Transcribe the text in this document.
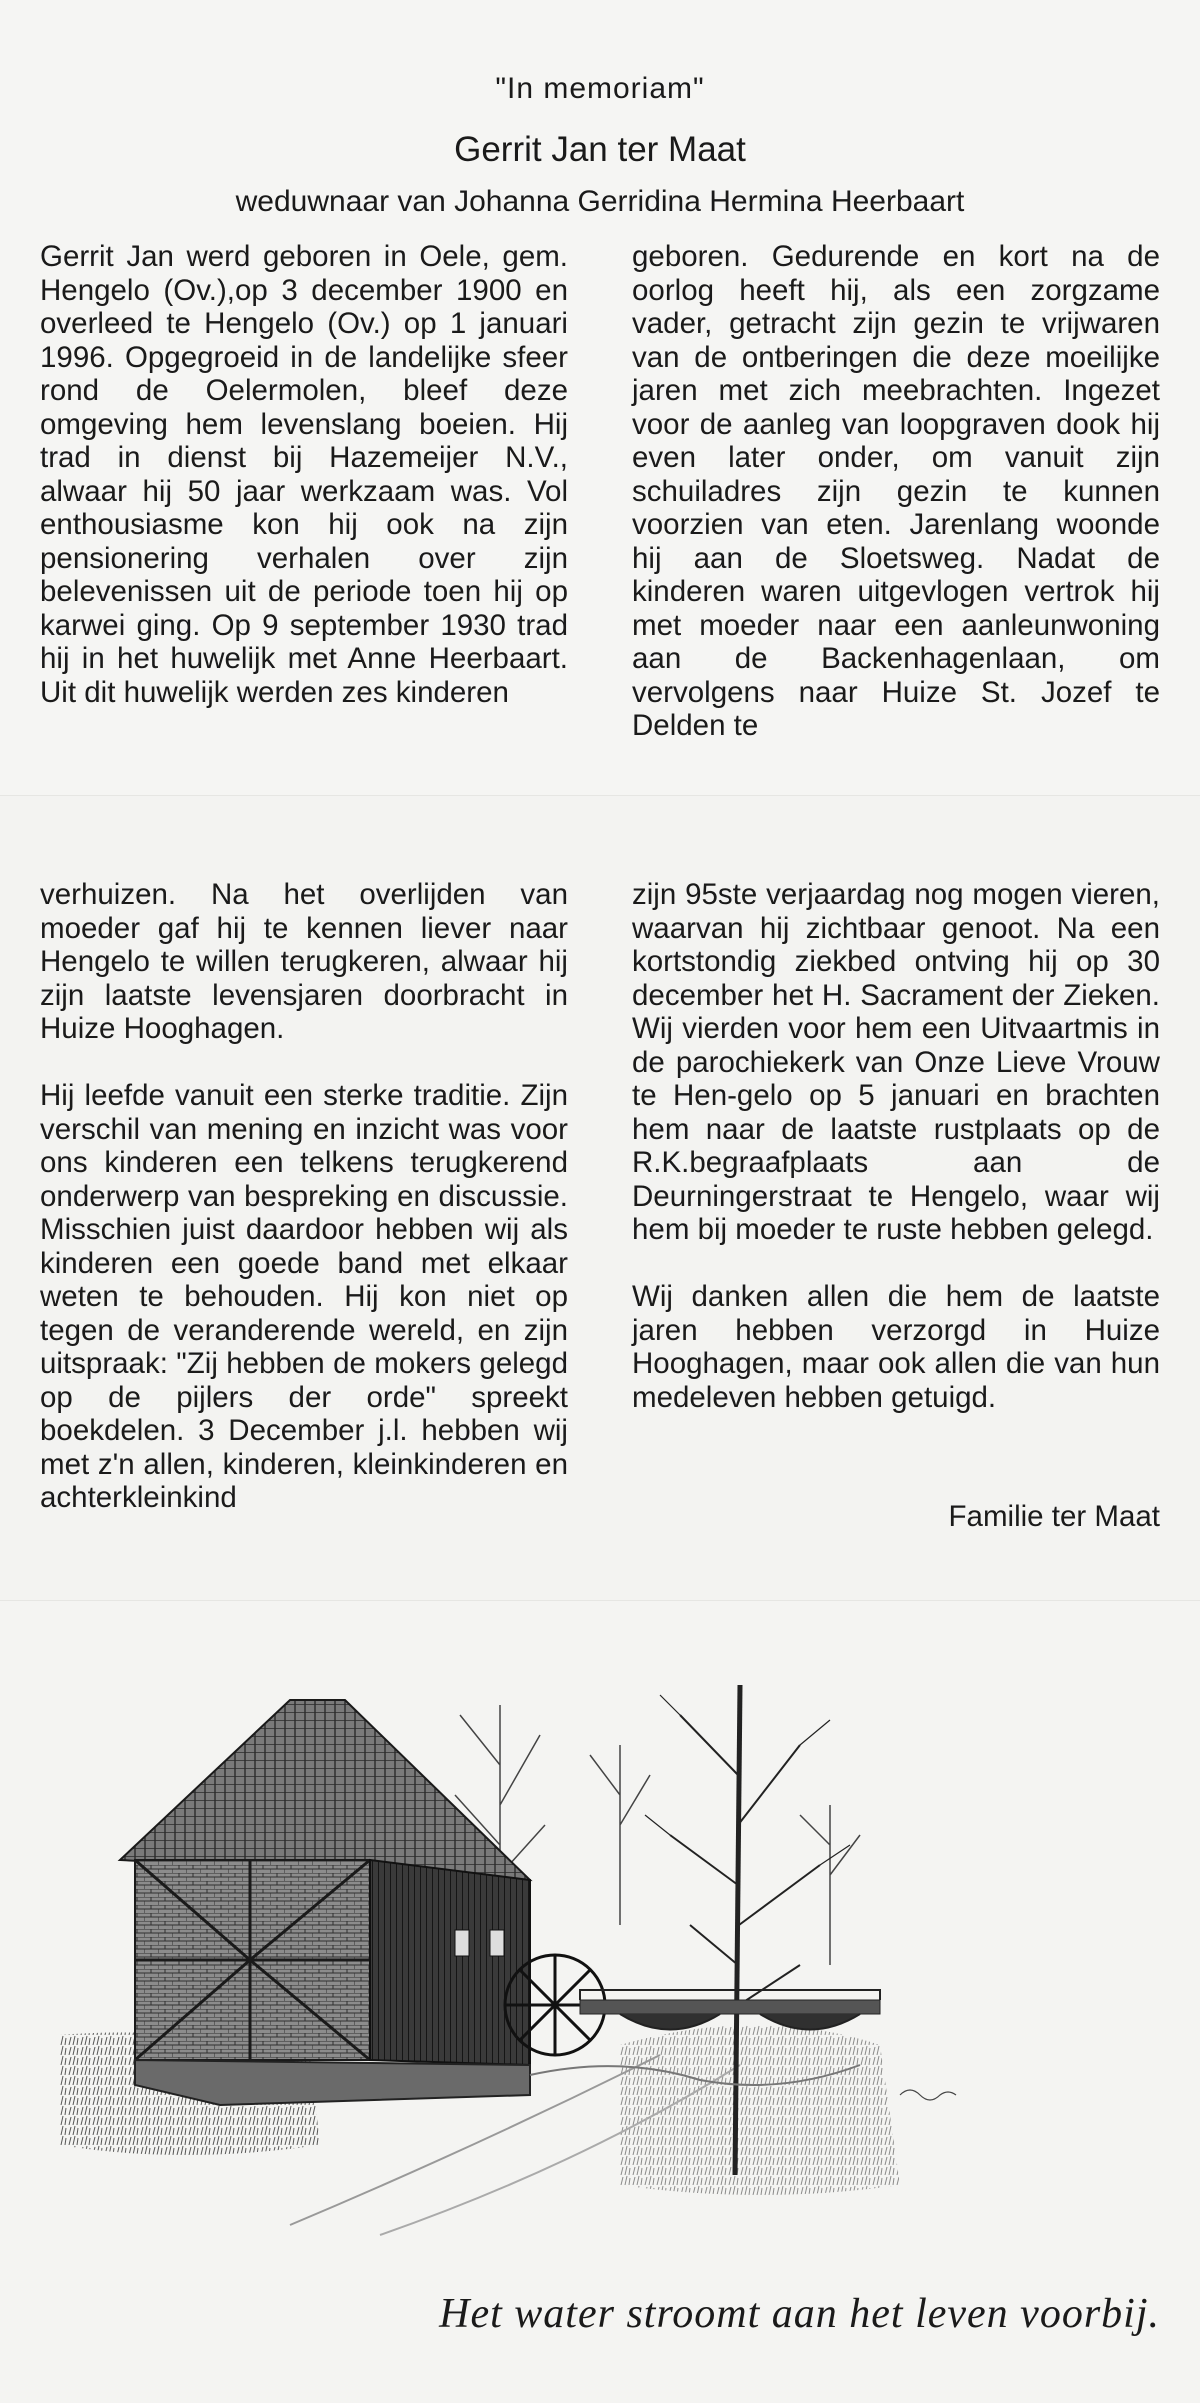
"In memoriam"
Gerrit Jan ter Maat
weduwnaar van Johanna Gerridina Hermina Heerbaart
Gerrit Jan werd geboren in Oele, gem. Hengelo (Ov.),op 3 december 1900 en overleed te Hengelo (Ov.) op 1 januari 1996. Opgegroeid in de landelijke sfeer rond de Oelermolen, bleef deze omgeving hem levenslang boeien. Hij trad in dienst bij Hazemeijer N.V., alwaar hij 50 jaar werkzaam was. Vol enthousiasme kon hij ook na zijn pensionering verhalen over zijn belevenissen uit de periode toen hij op karwei ging. Op 9 september 1930 trad hij in het huwelijk met Anne Heerbaart. Uit dit huwelijk werden zes kinderen
geboren. Gedurende en kort na de oorlog heeft hij, als een zorgzame vader, getracht zijn gezin te vrijwaren van de ontberingen die deze moeilijke jaren met zich meebrachten. Ingezet voor de aanleg van loopgraven dook hij even later onder, om vanuit zijn schuiladres zijn gezin te kunnen voorzien van eten. Jarenlang woonde hij aan de Sloetsweg. Nadat de kinderen waren uitgevlogen vertrok hij met moeder naar een aanleunwoning aan de Backenhagenlaan, om vervolgens naar Huize St. Jozef te Delden te
verhuizen. Na het overlijden van moeder gaf hij te kennen liever naar Hengelo te willen terugkeren, alwaar hij zijn laatste levensjaren doorbracht in Huize Hooghagen.

Hij leefde vanuit een sterke traditie. Zijn verschil van mening en inzicht was voor ons kinderen een telkens terugkerend onderwerp van bespreking en discussie. Misschien juist daardoor hebben wij als kinderen een goede band met elkaar weten te behouden. Hij kon niet op tegen de veranderende wereld, en zijn uitspraak: "Zij hebben de mokers gelegd op de pijlers der orde" spreekt boekdelen. 3 December j.l. hebben wij met z'n allen, kinderen, kleinkinderen en achterkleinkind
zijn 95ste verjaardag nog mogen vieren, waarvan hij zichtbaar genoot. Na een kortstondig ziekbed ontving hij op 30 december het H. Sacrament der Zieken. Wij vierden voor hem een Uitvaartmis in de parochiekerk van Onze Lieve Vrouw te Hen-gelo op 5 januari en brachten hem naar de laatste rustplaats op de R.K.begraafplaats aan de Deurningerstraat te Hengelo, waar wij hem bij moeder te ruste hebben gelegd.

Wij danken allen die hem de laatste jaren hebben verzorgd in Huize Hooghagen, maar ook allen die van hun medeleven hebben getuigd.
Familie ter Maat
Het water stroomt aan het leven voorbij.
